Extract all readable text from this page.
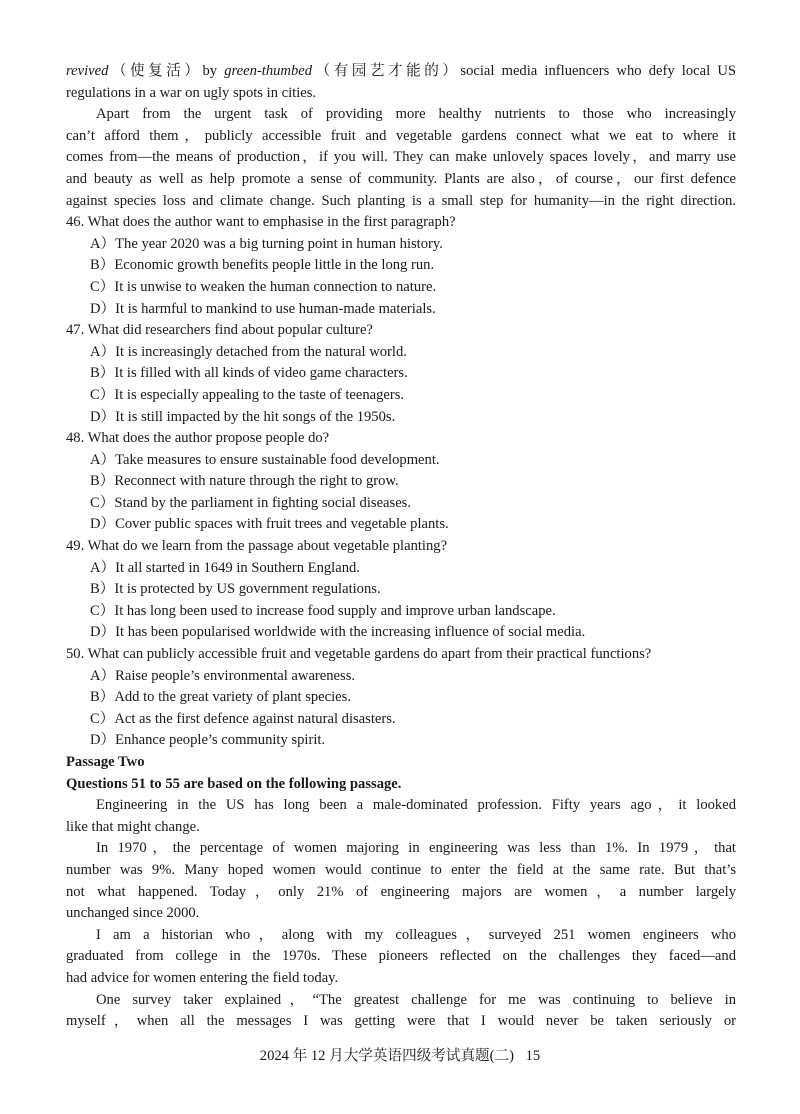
revived（使复活）by green-thumbed（有园艺才能的）social media influencers who defy local US
regulations in a war on ugly spots in cities.
Apart from the urgent task of providing more healthy nutrients to those who increasingly
can’t afford them，publicly accessible fruit and vegetable gardens connect what we eat to where it
comes from—the means of production，if you will. They can make unlovely spaces lovely，and marry use
and beauty as well as help promote a sense of community. Plants are also，of course，our first defence
against species loss and climate change. Such planting is a small step for humanity—in the right direction.
46. What does the author want to emphasise in the first paragraph?
A）The year 2020 was a big turning point in human history.
B）Economic growth benefits people little in the long run.
C）It is unwise to weaken the human connection to nature.
D）It is harmful to mankind to use human-made materials.
47. What did researchers find about popular culture?
A）It is increasingly detached from the natural world.
B）It is filled with all kinds of video game characters.
C）It is especially appealing to the taste of teenagers.
D）It is still impacted by the hit songs of the 1950s.
48. What does the author propose people do?
A）Take measures to ensure sustainable food development.
B）Reconnect with nature through the right to grow.
C）Stand by the parliament in fighting social diseases.
D）Cover public spaces with fruit trees and vegetable plants.
49. What do we learn from the passage about vegetable planting?
A）It all started in 1649 in Southern England.
B）It is protected by US government regulations.
C）It has long been used to increase food supply and improve urban landscape.
D）It has been popularised worldwide with the increasing influence of social media.
50. What can publicly accessible fruit and vegetable gardens do apart from their practical functions?
A）Raise people’s environmental awareness.
B）Add to the great variety of plant species.
C）Act as the first defence against natural disasters.
D）Enhance people’s community spirit.
Passage Two
Questions 51 to 55 are based on the following passage.
Engineering in the US has long been a male-dominated profession. Fifty years ago，it looked
like that might change.
In 1970，the percentage of women majoring in engineering was less than 1%. In 1979，that
number was 9%. Many hoped women would continue to enter the field at the same rate. But that’s
not what happened. Today，only 21% of engineering majors are women，a number largely
unchanged since 2000.
I am a historian who，along with my colleagues，surveyed 251 women engineers who
graduated from college in the 1970s. These pioneers reflected on the challenges they faced—and
had advice for women entering the field today.
One survey taker explained，“The greatest challenge for me was continuing to believe in
myself，when all the messages I was getting were that I would never be taken seriously or
2024 年 12 月大学英语四级考试真题(二) 15
